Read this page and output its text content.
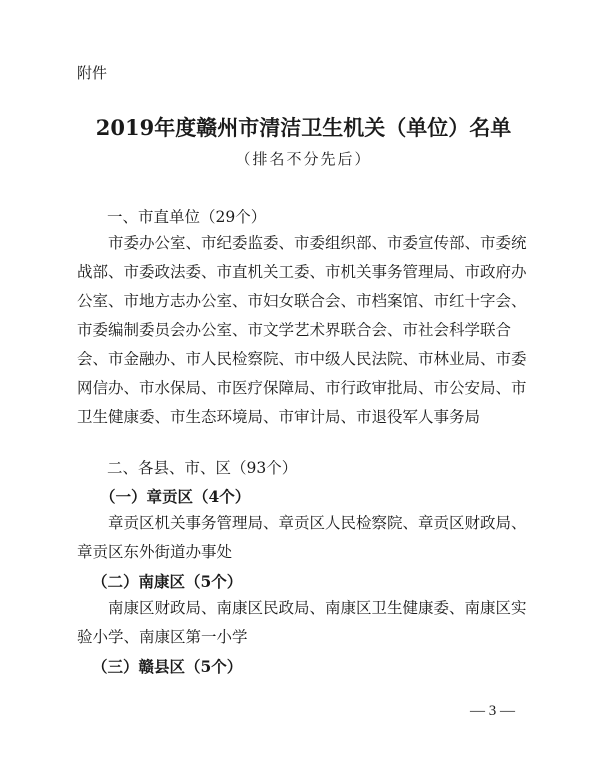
附件
2019年度赣州市清洁卫生机关（单位）名单
（排名不分先后）
一、市直单位（29个）
市委办公室、市纪委监委、市委组织部、市委宣传部、市委统战部、市委政法委、市直机关工委、市机关事务管理局、市政府办公室、市地方志办公室、市妇女联合会、市档案馆、市红十字会、市委编制委员会办公室、市文学艺术界联合会、市社会科学联合会、市金融办、市人民检察院、市中级人民法院、市林业局、市委网信办、市水保局、市医疗保障局、市行政审批局、市公安局、市卫生健康委、市生态环境局、市审计局、市退役军人事务局
二、各县、市、区（93个）
（一）章贡区（4个）
章贡区机关事务管理局、章贡区人民检察院、章贡区财政局、章贡区东外街道办事处
（二）南康区（5个）
南康区财政局、南康区民政局、南康区卫生健康委、南康区实验小学、南康区第一小学
（三）赣县区（5个）
— 3 —
